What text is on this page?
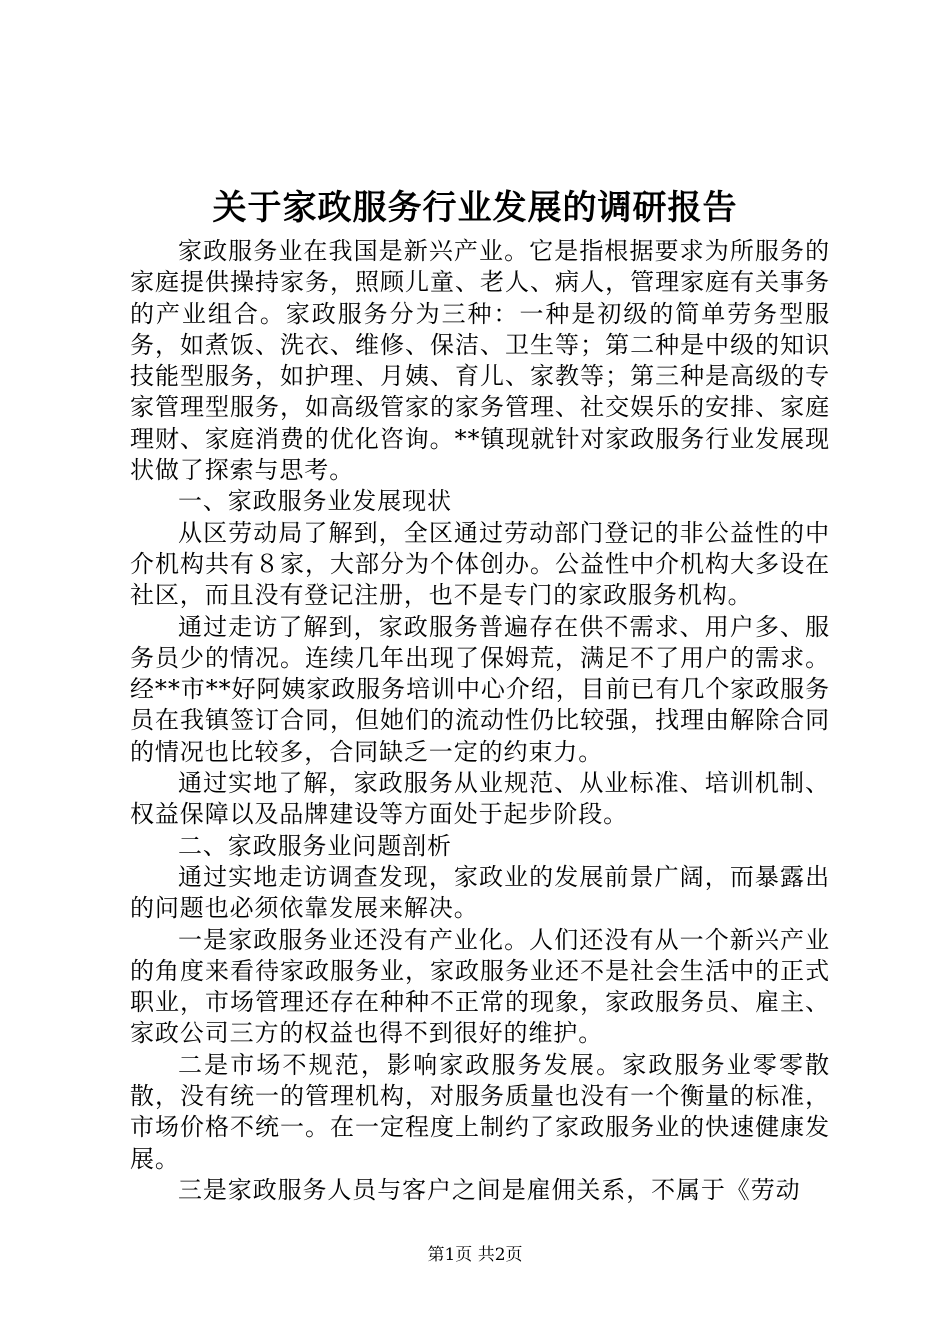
关于家政服务行业发展的调研报告

家政服务业在我国是新兴产业。它是指根据要求为所服务的家庭提供操持家务，照顾儿童、老人、病人，管理家庭有关事务的产业组合。家政服务分为三种：一种是初级的简单劳务型服务，如煮饭、洗衣、维修、保洁、卫生等；第二种是中级的知识技能型服务，如护理、月姨、育儿、家教等；第三种是高级的专家管理型服务，如高级管家的家务管理、社交娱乐的安排、家庭理财、家庭消费的优化咨询。**镇现就针对家政服务行业发展现状做了探索与思考。

一、家政服务业发展现状

从区劳动局了解到，全区通过劳动部门登记的非公益性的中介机构共有８家，大部分为个体创办。公益性中介机构大多设在社区，而且没有登记注册，也不是专门的家政服务机构。

通过走访了解到，家政服务普遍存在供不需求、用户多、服务员少的情况。连续几年出现了保姆荒，满足不了用户的需求。经**市**好阿姨家政服务培训中心介绍，目前已有几个家政服务员在我镇签订合同，但她们的流动性仍比较强，找理由解除合同的情况也比较多，合同缺乏一定的约束力。

通过实地了解，家政服务从业规范、从业标准、培训机制、权益保障以及品牌建设等方面处于起步阶段。

二、家政服务业问题剖析

通过实地走访调查发现，家政业的发展前景广阔，而暴露出的问题也必须依靠发展来解决。

一是家政服务业还没有产业化。人们还没有从一个新兴产业的角度来看待家政服务业，家政服务业还不是社会生活中的正式职业，市场管理还存在种种不正常的现象，家政服务员、雇主、家政公司三方的权益也得不到很好的维护。

二是市场不规范，影响家政服务发展。家政服务业零零散散，没有统一的管理机构，对服务质量也没有一个衡量的标准，市场价格不统一。在一定程度上制约了家政服务业的快速健康发展。

三是家政服务人员与客户之间是雇佣关系，不属于《劳动

第1页 共2页
